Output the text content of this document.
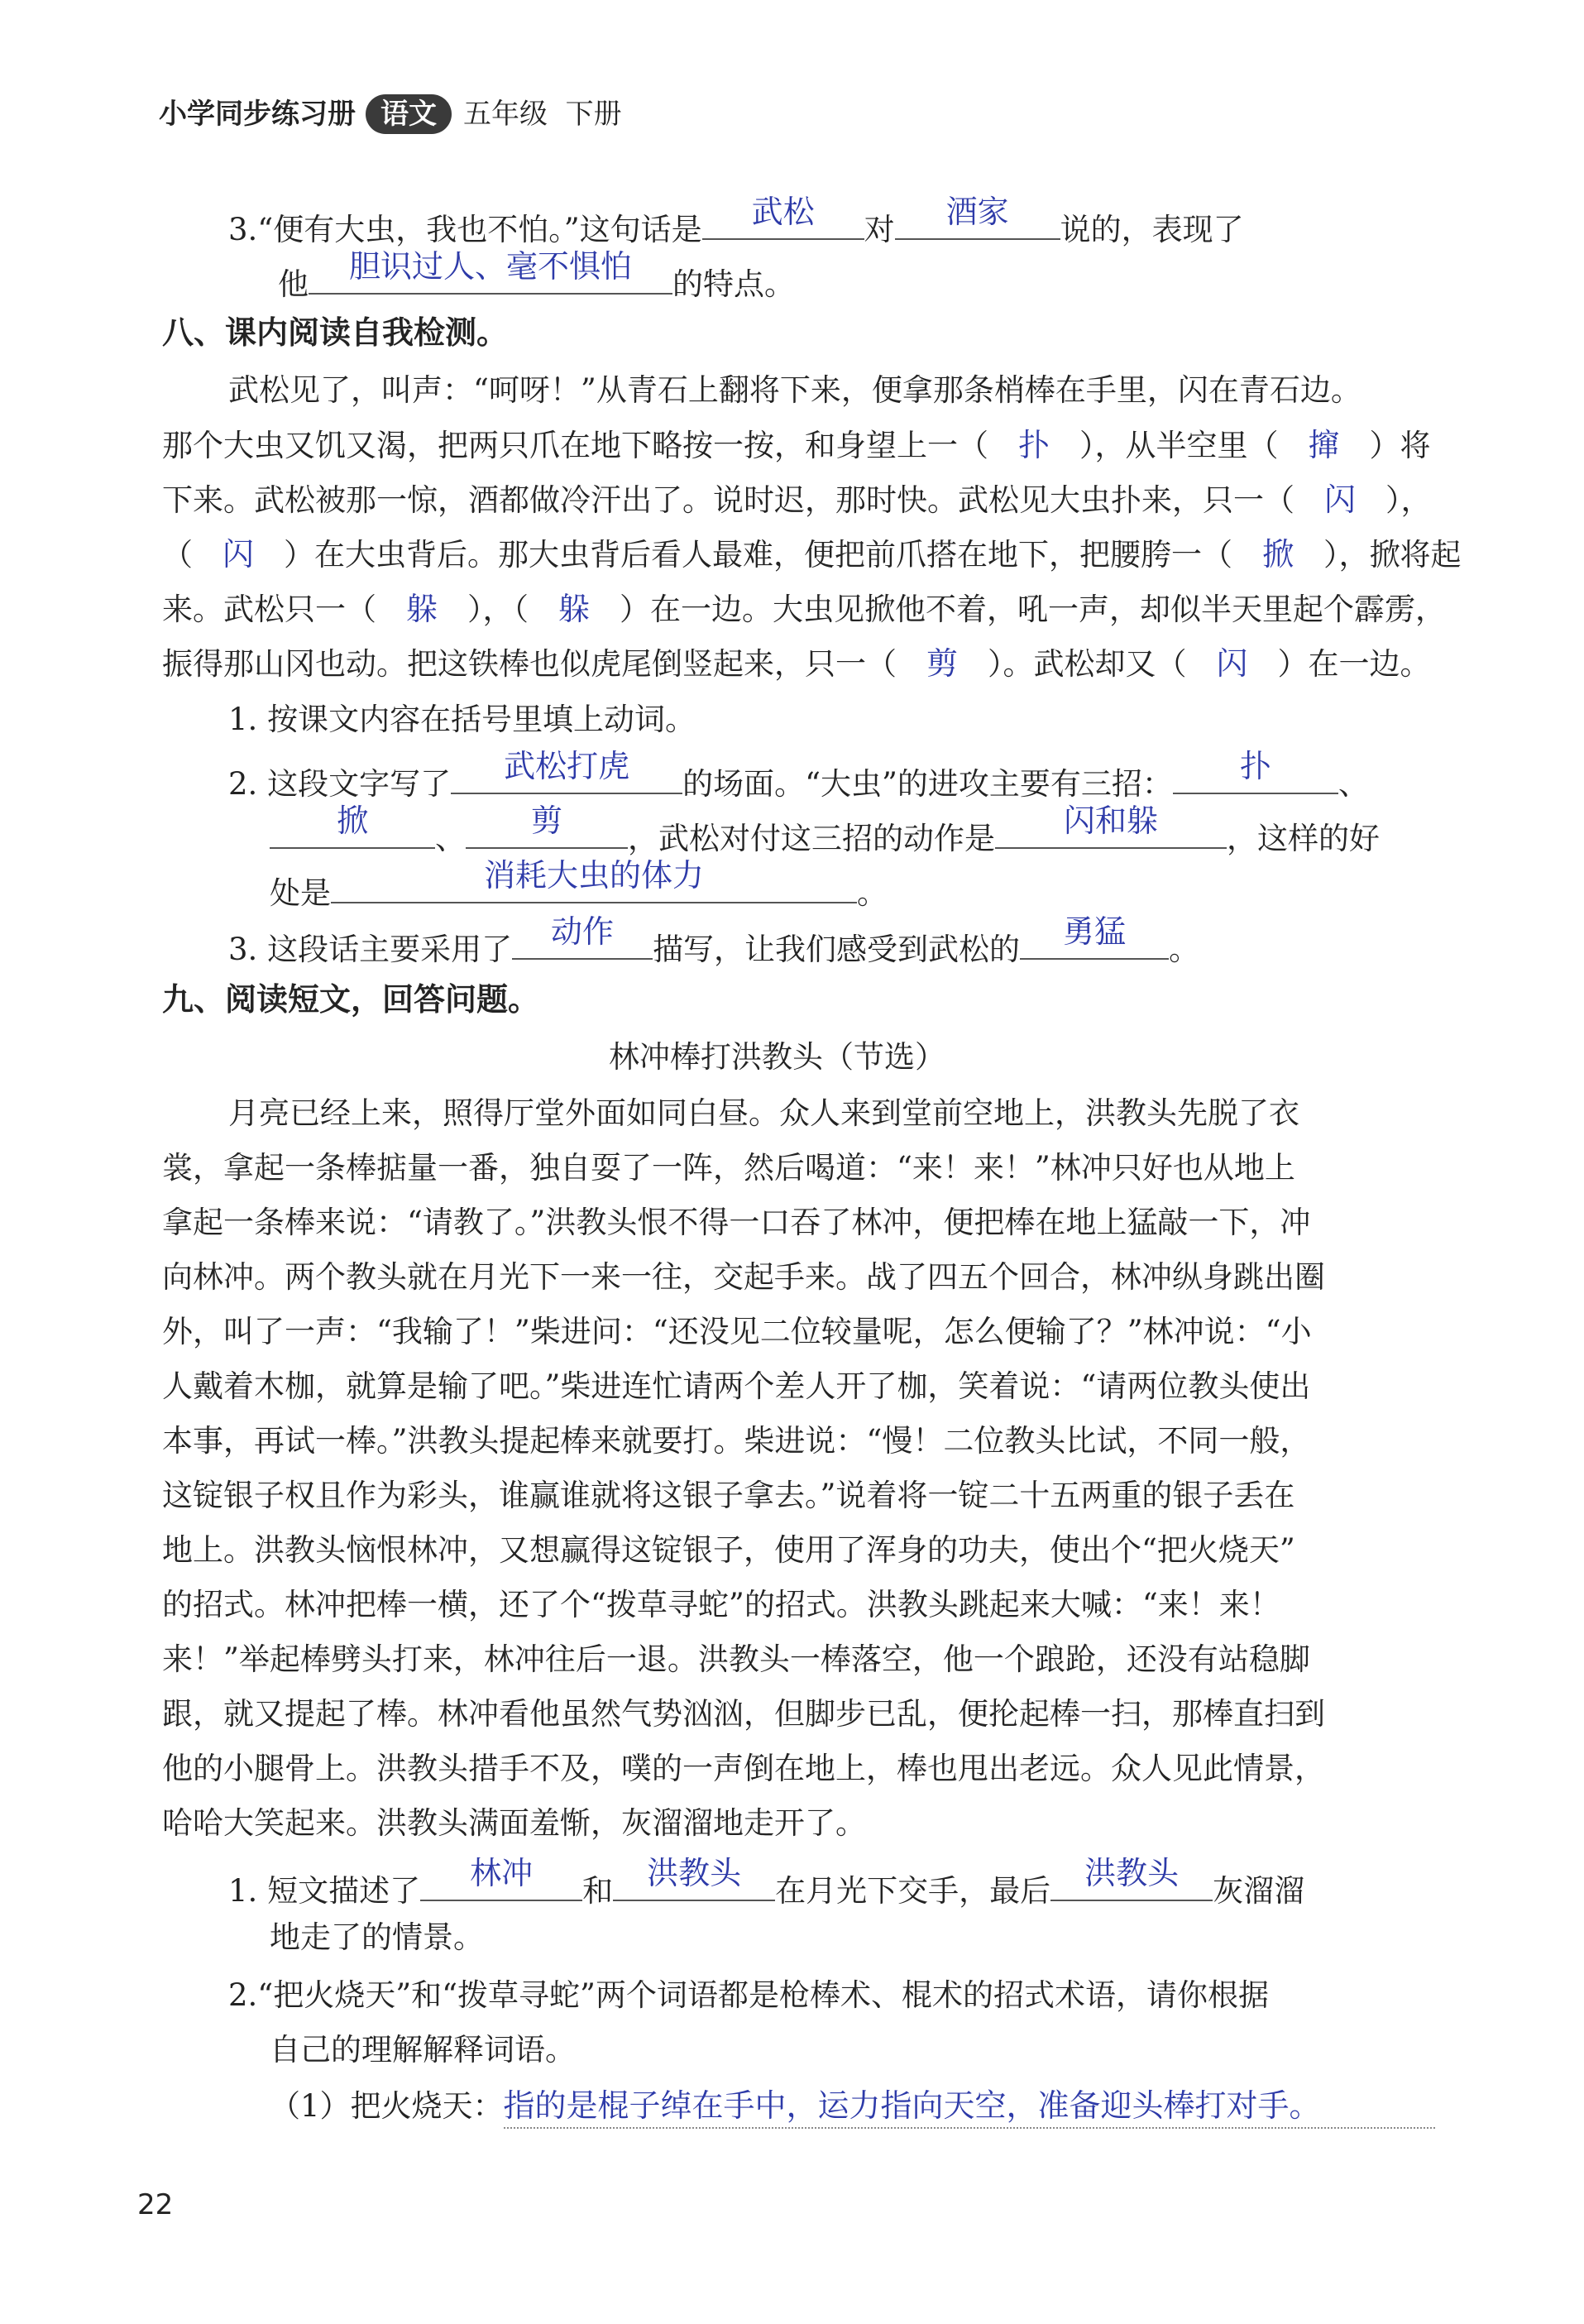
小学同步练习册 语文 五年级 下册
3.“便有大虫，我也不怕。”这句话是	武松	对	酒家	说的，表现了
他	胆识过人、毫不惧怕	的特点。
八、课内阅读自我检测。
武松见了，叫声：“呵呀！”从青石上翻将下来，便拿那条梢棒在手里，闪在青石边。
那个大虫又饥又渴，把两只爪在地下略按一按，和身望上一（ 扑 ），从半空里（ 撺 ）将
下来。武松被那一惊，酒都做冷汗出了。说时迟，那时快。武松见大虫扑来，只一（ 闪 ），
（ 闪 ）在大虫背后。那大虫背后看人最难，便把前爪搭在地下，把腰胯一（ 掀 ），掀将起
来。武松只一（ 躲 ），（ 躲 ）在一边。大虫见掀他不着，吼一声，却似半天里起个霹雳，
振得那山冈也动。把这铁棒也似虎尾倒竖起来，只一（ 剪 ）。武松却又（ 闪 ）在一边。
1. 按课文内容在括号里填上动词。
2. 这段文字写了	武松打虎	的场面。“大虫”的进攻主要有三招：	扑	、
掀	、	剪	，武松对付这三招的动作是	闪和躲	，这样的好
处是	消耗大虫的体力	。
3. 这段话主要采用了	动作	描写，让我们感受到武松的	勇猛	。
九、阅读短文，回答问题。
林冲棒打洪教头（节选）
月亮已经上来，照得厅堂外面如同白昼。众人来到堂前空地上，洪教头先脱了衣
裳，拿起一条棒掂量一番，独自耍了一阵，然后喝道：“来！来！”林冲只好也从地上
拿起一条棒来说：“请教了。”洪教头恨不得一口吞了林冲，便把棒在地上猛敲一下，冲
向林冲。两个教头就在月光下一来一往，交起手来。战了四五个回合，林冲纵身跳出圈
外，叫了一声：“我输了！”柴进问：“还没见二位较量呢，怎么便输了？”林冲说：“小
人戴着木枷，就算是输了吧。”柴进连忙请两个差人开了枷，笑着说：“请两位教头使出
本事，再试一棒。”洪教头提起棒来就要打。柴进说：“慢！二位教头比试，不同一般，
这锭银子权且作为彩头，谁赢谁就将这银子拿去。”说着将一锭二十五两重的银子丢在
地上。洪教头恼恨林冲，又想赢得这锭银子，使用了浑身的功夫，使出个“把火烧天”
的招式。林冲把棒一横，还了个“拨草寻蛇”的招式。洪教头跳起来大喊：“来！来！
来！”举起棒劈头打来，林冲往后一退。洪教头一棒落空，他一个踉跄，还没有站稳脚
跟，就又提起了棒。林冲看他虽然气势汹汹，但脚步已乱，便抡起棒一扫，那棒直扫到
他的小腿骨上。洪教头措手不及，噗的一声倒在地上，棒也甩出老远。众人见此情景，
哈哈大笑起来。洪教头满面羞惭，灰溜溜地走开了。
1. 短文描述了	林冲	和	洪教头	在月光下交手，最后	洪教头	灰溜溜
地走了的情景。
2.“把火烧天”和“拨草寻蛇”两个词语都是枪棒术、棍术的招式术语，请你根据
自己的理解解释词语。
（1）把火烧天：指的是棍子绰在手中，运力指向天空，准备迎头棒打对手。
22
